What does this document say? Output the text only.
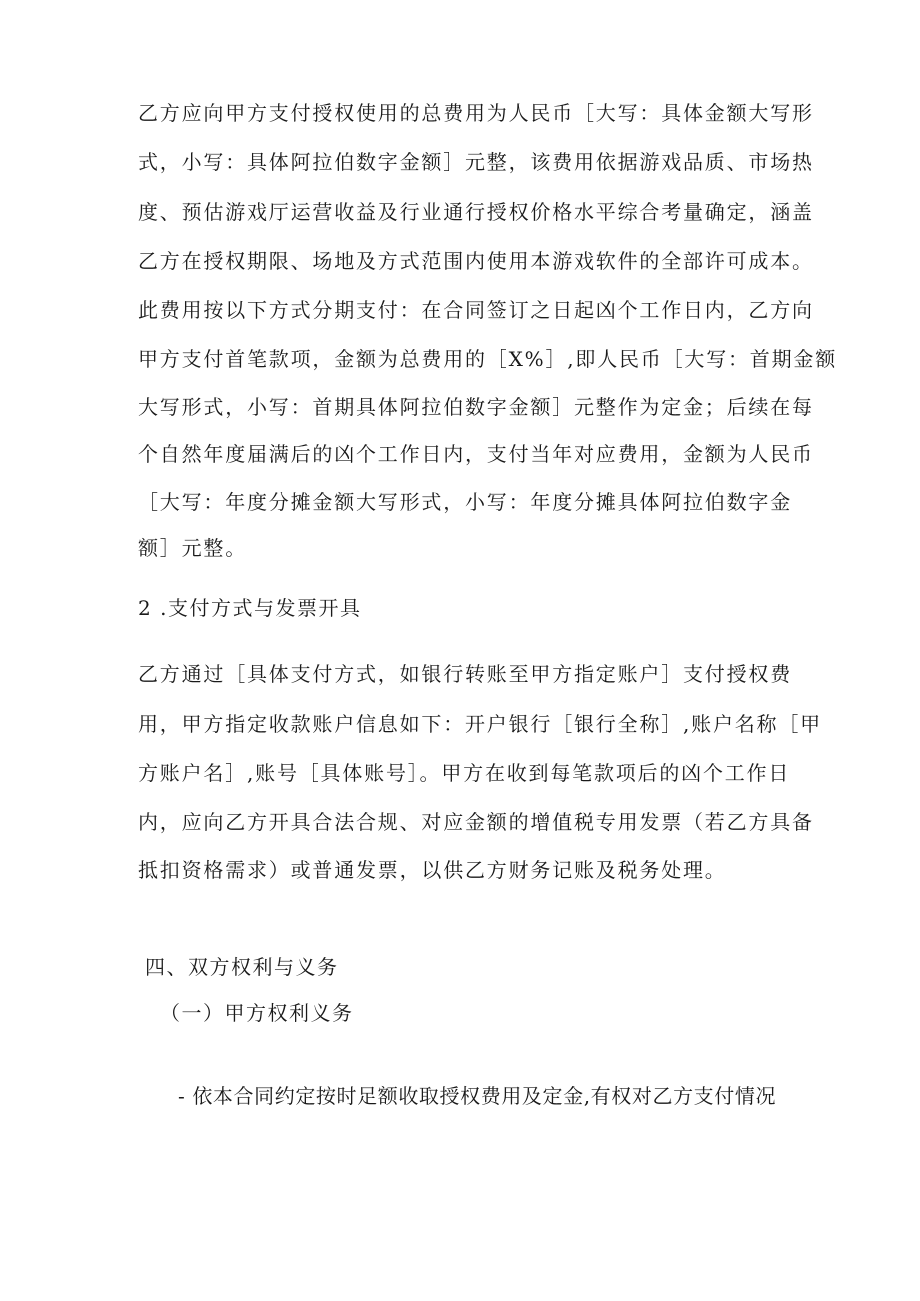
乙方应向甲方支付授权使用的总费用为人民币［大写：具体金额大写形
式，小写：具体阿拉伯数字金额］元整，该费用依据游戏品质、市场热
度、预估游戏厅运营收益及行业通行授权价格水平综合考量确定，涵盖
乙方在授权期限、场地及方式范围内使用本游戏软件的全部许可成本。
此费用按以下方式分期支付：在合同签订之日起凶个工作日内，乙方向
甲方支付首笔款项，金额为总费用的［X%］,即人民币［大写：首期金额
大写形式，小写：首期具体阿拉伯数字金额］元整作为定金；后续在每
个自然年度届满后的凶个工作日内，支付当年对应费用，金额为人民币
［大写：年度分摊金额大写形式，小写：年度分摊具体阿拉伯数字金
额］元整。
2 .支付方式与发票开具
乙方通过［具体支付方式，如银行转账至甲方指定账户］支付授权费
用，甲方指定收款账户信息如下：开户银行［银行全称］,账户名称［甲
方账户名］,账号［具体账号］。甲方在收到每笔款项后的凶个工作日
内，应向乙方开具合法合规、对应金额的增值税专用发票（若乙方具备
抵扣资格需求）或普通发票，以供乙方财务记账及税务处理。
四、双方权利与义务
（一）甲方权利义务
- 依本合同约定按时足额收取授权费用及定金,有权对乙方支付情况
